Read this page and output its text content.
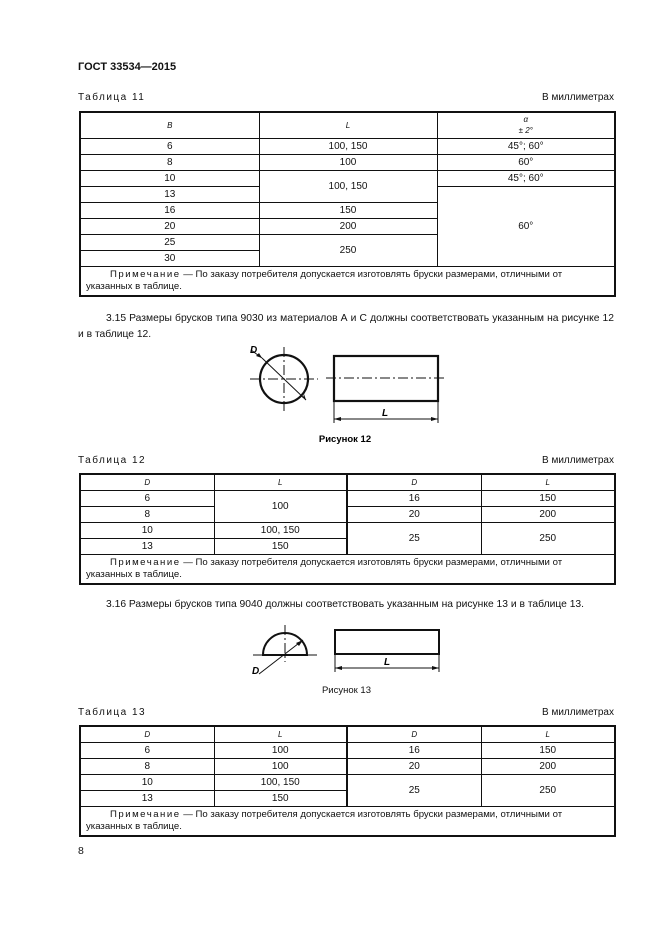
ГОСТ 33534—2015
Таблица 11	В миллиметрах
B	L	α
± 2°

6	100, 150	45°; 60°
8	100	60°
10	100, 150	45°; 60°
13		60°
16	150	
20	200	
25	250	
30		
Примечание — По заказу потребителя допускается изготовлять бруски размерами, отличными от указанных в таблице.		
3.15 Размеры брусков типа 9030 из материалов А и С должны соответствовать указанным на рисунке 12 и в таблице 12.
D
L
Рисунок 12
Таблица 12	В миллиметрах
D	L	D	L
6	100	16	150
8		20	200
10	100, 150	25	250
13	150		
Примечание — По заказу потребителя допускается изготовлять бруски размерами, отличными от указанных в таблице.			
3.16 Размеры брусков типа 9040 должны соответствовать указанным на рисунке 13 и в таблице 13.
D
L
Рисунок 13
Таблица 13	В миллиметрах
D	L	D	L
6	100	16	150
8	100	20	200
10	100, 150	25	250
13	150		
Примечание — По заказу потребителя допускается изготовлять бруски размерами, отличными от указанных в таблице.			
8
